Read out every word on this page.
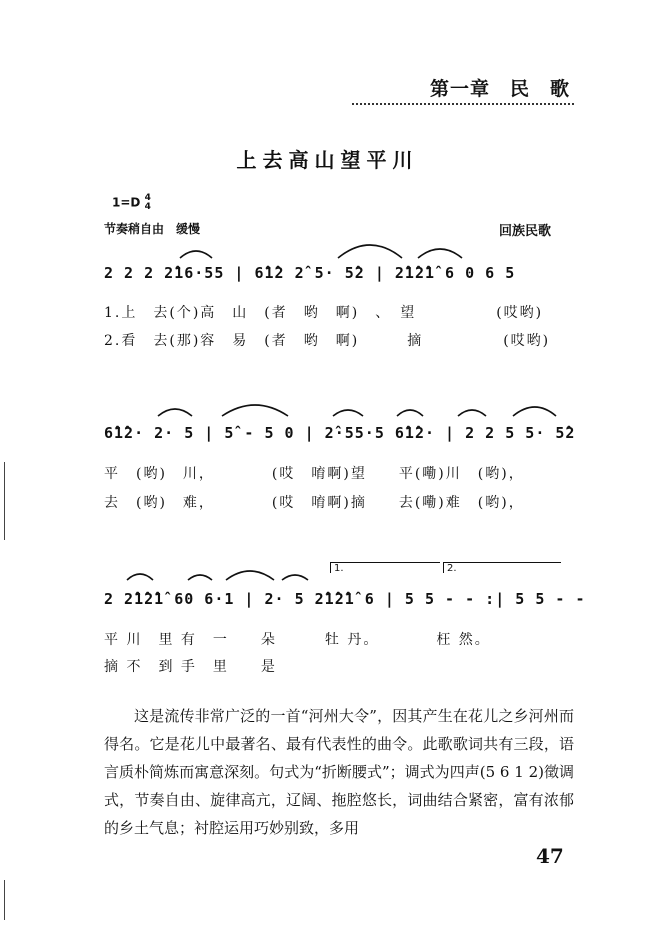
第一章　民　歌
上去高山望平川
1=D 4
4
节奏稍自由　缓慢	回族民歌
2 2 2 2̂16·55 | 6̂1̂2 2̂ 5· 5̂2 | 2̂1̂2̂1̂ 6 0 6 5
1.上　去(个)高　山　(者　哟　啊)　、　望　　　　　(哎哟)
2.看　去(那)容　易　(者　哟　啊)　　　摘　　　　　(哎哟)
6̂1̂2· 2· 5 | 5̂ - 5 0 | 2̂·55·5 6̂1̂2· | 2 2 5 5· 5̂2
平　(哟)　川，　　　　(哎　唷啊)望　　平(嘞)川　(哟)，
去　(哟)　难，　　　　(哎　唷啊)摘　　去(嘞)难　(哟)，
1.	2.
2 2̂1̂2̂1̂ 60 6·1 | 2· 5 2̂1̂2̂1̂ 6 | 5 5 - - :| 5 5 - -
平 川　里 有　一　　朵　　　牡 丹。　　　　枉 然。
摘 不　到 手　里　　是

这是流传非常广泛的一首“河州大令”，因其产生在花儿之乡河州而得名。它是花儿中最著名、最有代表性的曲令。此歌歌词共有三段，语言质朴简炼而寓意深刻。句式为“折断腰式”；调式为四声(5 6 1 2)徵调式，节奏自由、旋律高亢，辽阔、拖腔悠长，词曲结合紧密，富有浓郁的乡土气息；衬腔运用巧妙别致，多用

47
